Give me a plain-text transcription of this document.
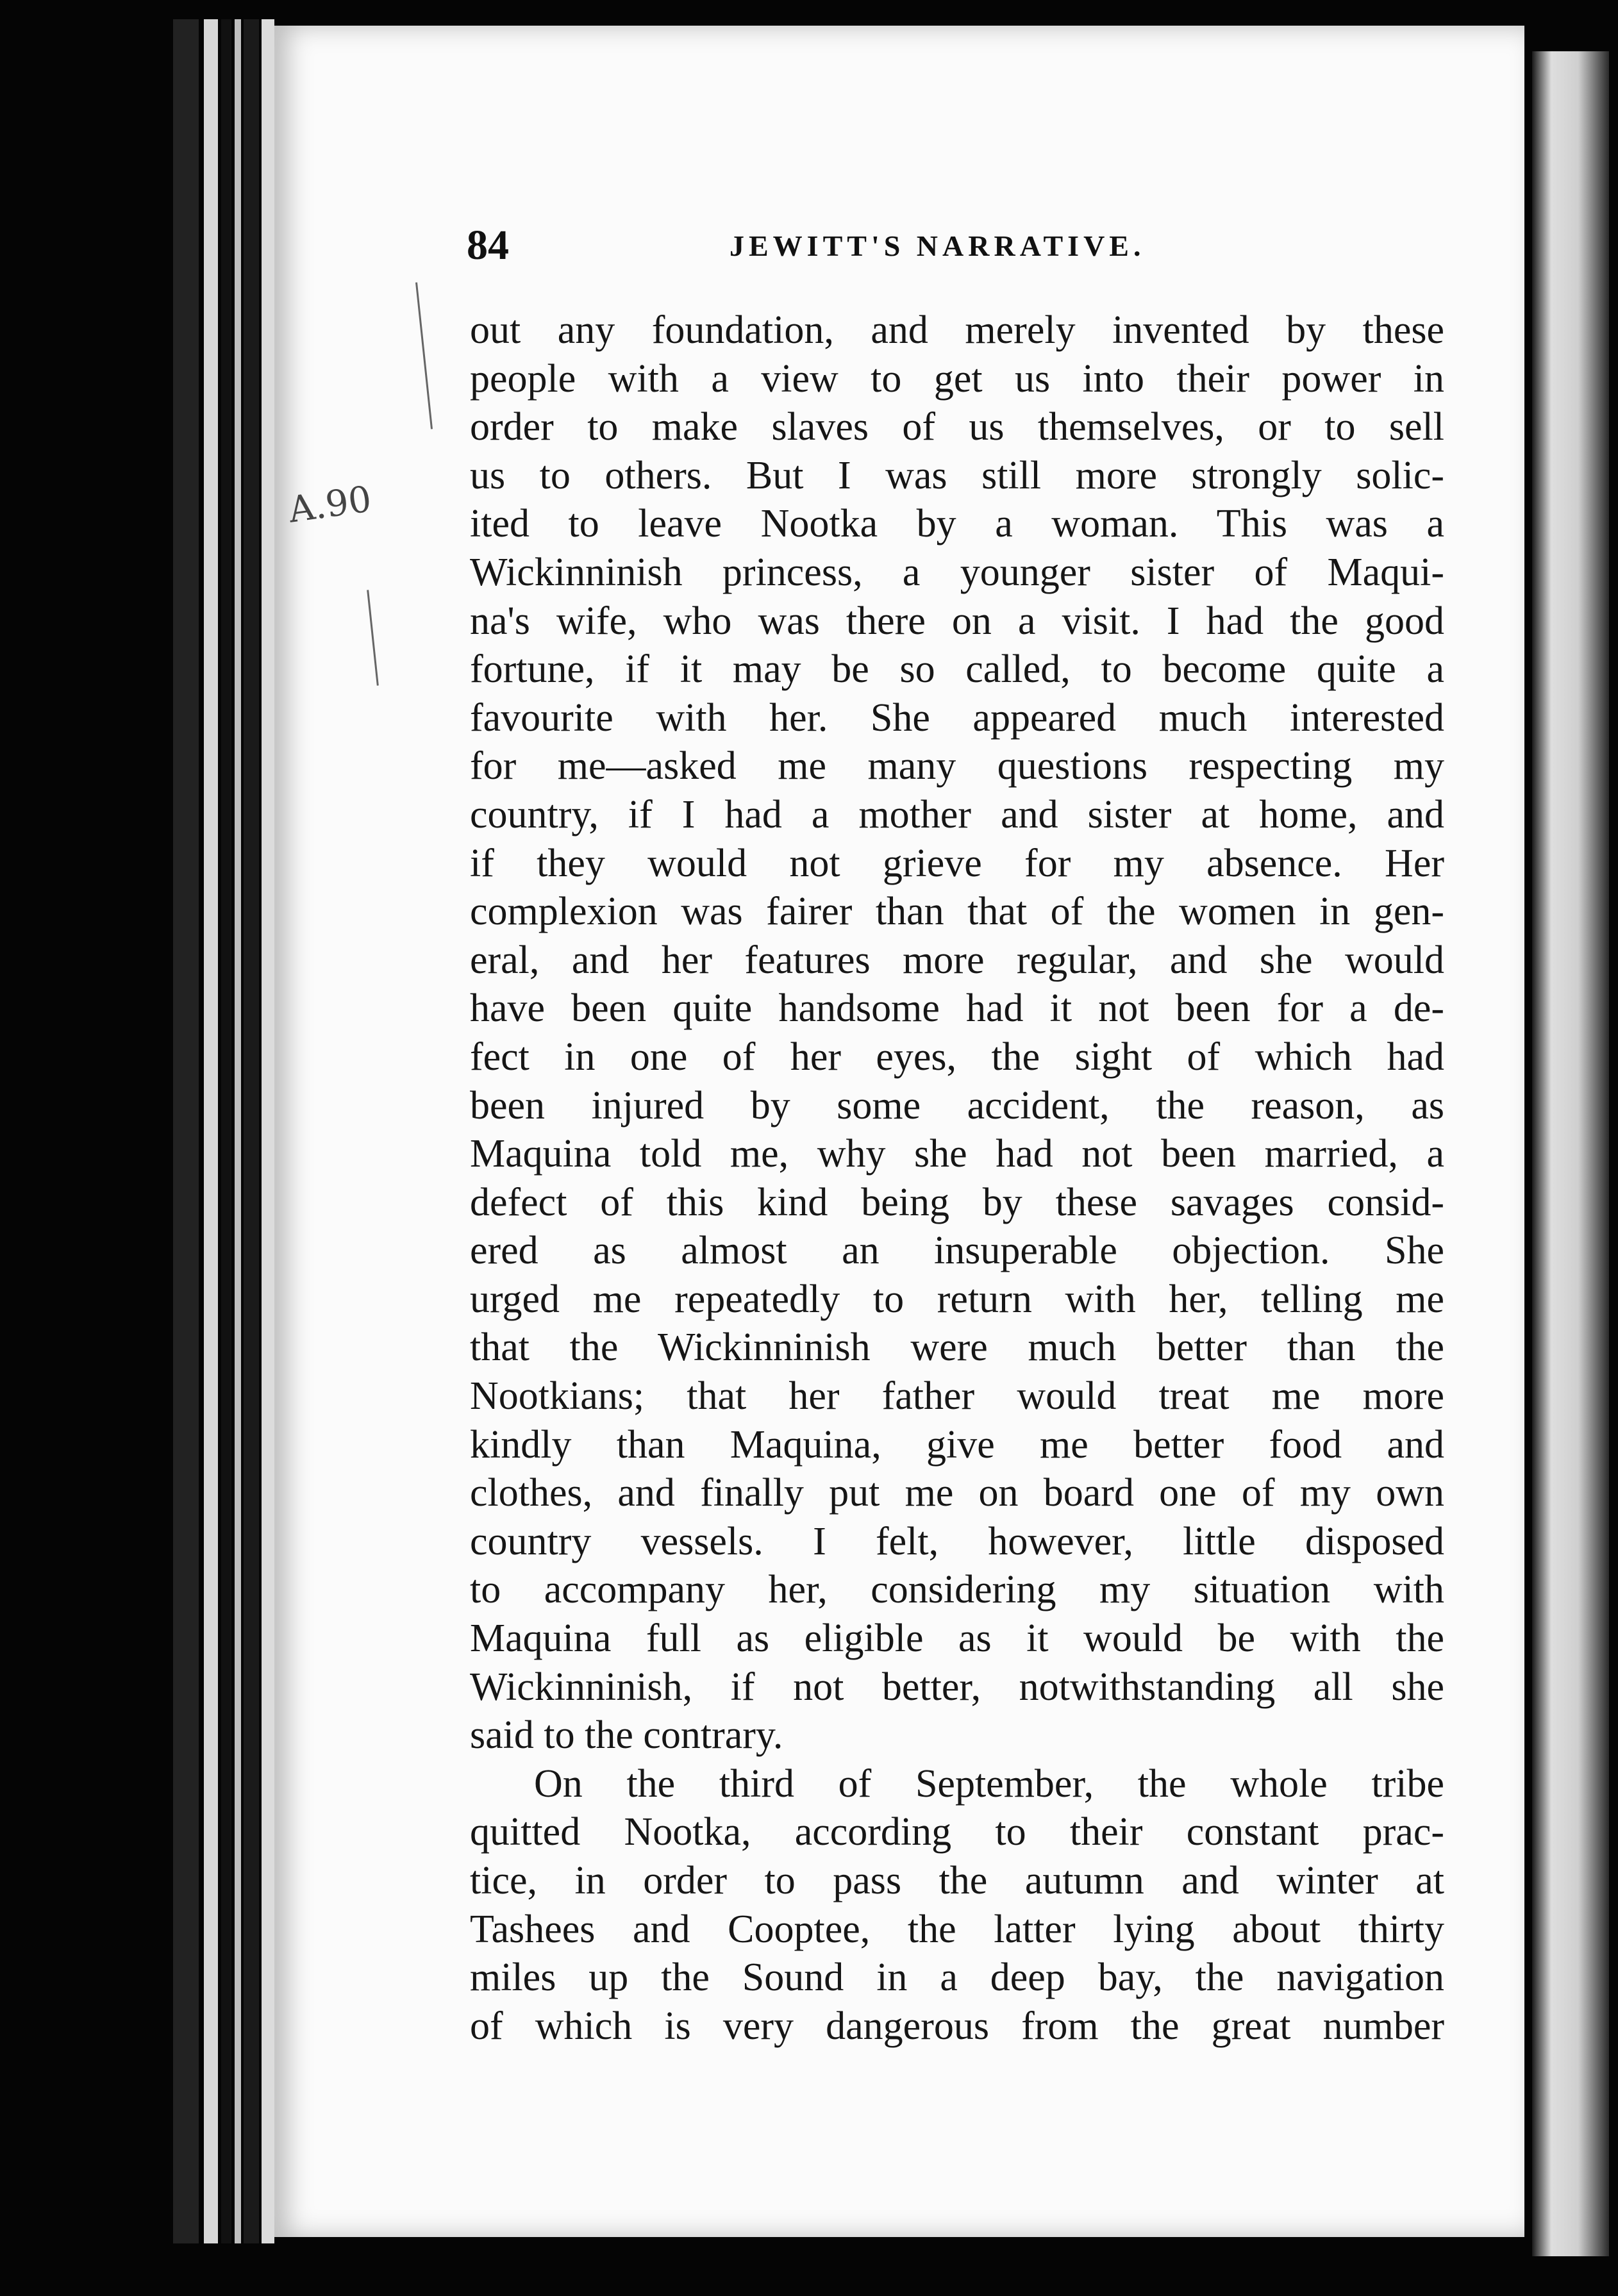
A.90
84	JEWITT'S NARRATIVE.
out any foundation, and merely invented by these
people with a view to get us into their power in
order to make slaves of us themselves, or to sell
us to others. But I was still more strongly solic-
ited to leave Nootka by a woman. This was a
Wickinninish princess, a younger sister of Maqui-
na's wife, who was there on a visit. I had the good
fortune, if it may be so called, to become quite a
favourite with her. She appeared much interested
for me—asked me many questions respecting my
country, if I had a mother and sister at home, and
if they would not grieve for my absence. Her
complexion was fairer than that of the women in gen-
eral, and her features more regular, and she would
have been quite handsome had it not been for a de-
fect in one of her eyes, the sight of which had
been injured by some accident, the reason, as
Maquina told me, why she had not been married, a
defect of this kind being by these savages consid-
ered as almost an insuperable objection. She
urged me repeatedly to return with her, telling me
that the Wickinninish were much better than the
Nootkians; that her father would treat me more
kindly than Maquina, give me better food and
clothes, and finally put me on board one of my own
country vessels. I felt, however, little disposed
to accompany her, considering my situation with
Maquina full as eligible as it would be with the
Wickinninish, if not better, notwithstanding all she
said to the contrary.
On the third of September, the whole tribe
quitted Nootka, according to their constant prac-
tice, in order to pass the autumn and winter at
Tashees and Cooptee, the latter lying about thirty
miles up the Sound in a deep bay, the navigation
of which is very dangerous from the great number
